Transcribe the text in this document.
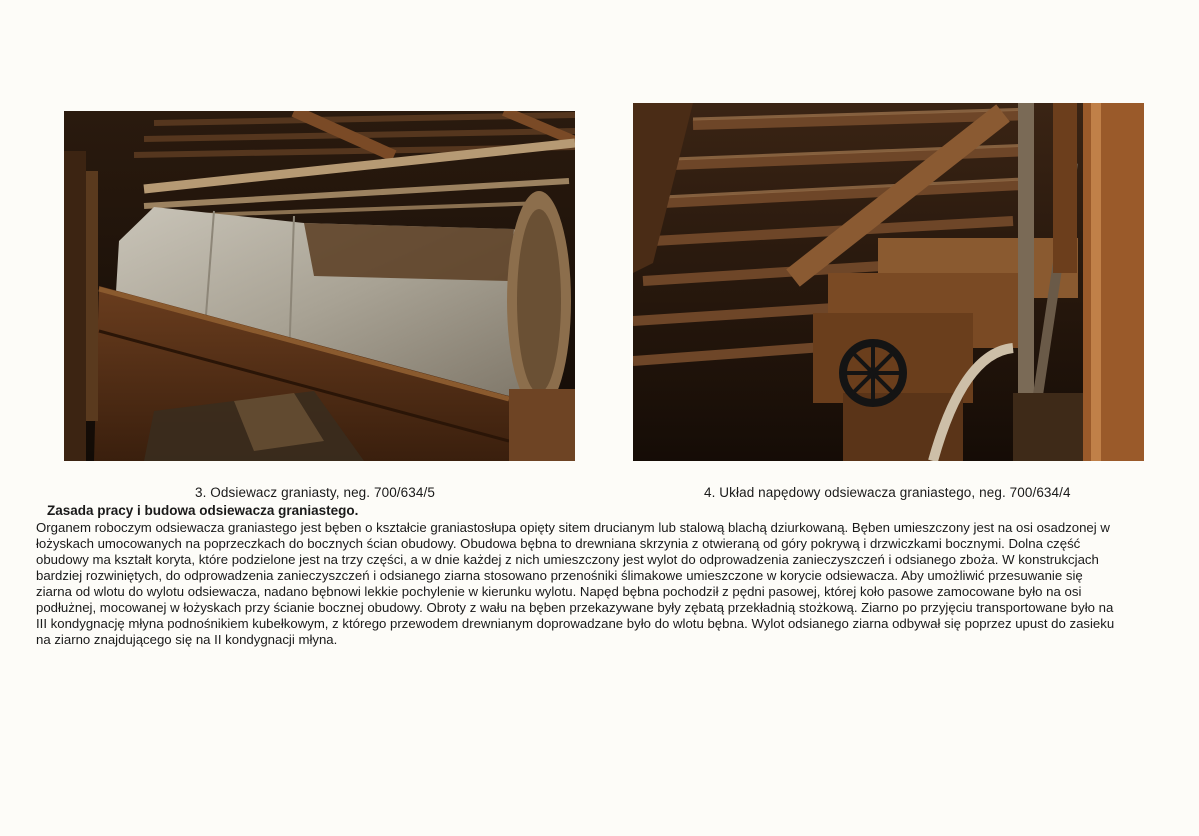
3. Odsiewacz graniasty, neg. 700/634/5	4. Układ napędowy odsiewacza graniastego, neg. 700/634/4
Zasada pracy i budowa odsiewacza graniastego.
Organem roboczym odsiewacza graniastego jest bęben o kształcie graniastosłupa opięty sitem drucianym lub stalową blachą dziurkowaną. Bęben umieszczony jest na osi osadzonej w
łożyskach umocowanych na poprzeczkach do bocznych ścian obudowy. Obudowa bębna to drewniana skrzynia z otwieraną od góry pokrywą i drzwiczkami bocznymi. Dolna część
obudowy ma kształt koryta, które podzielone jest na trzy części, a w dnie każdej z nich umieszczony jest wylot do odprowadzenia zanieczyszczeń i odsianego zboża. W konstrukcjach
bardziej rozwiniętych, do odprowadzenia zanieczyszczeń i odsianego ziarna stosowano przenośniki ślimakowe umieszczone w korycie odsiewacza. Aby umożliwić przesuwanie się
ziarna od wlotu do wylotu odsiewacza, nadano bębnowi lekkie pochylenie w kierunku wylotu. Napęd bębna pochodził z pędni pasowej, której koło pasowe zamocowane było na osi
podłużnej, mocowanej w łożyskach przy ścianie bocznej obudowy. Obroty z wału na bęben przekazywane były zębatą przekładnią stożkową. Ziarno po przyjęciu transportowane było na
III kondygnację młyna podnośnikiem kubełkowym, z którego przewodem drewnianym doprowadzane było do wlotu bębna. Wylot odsianego ziarna odbywał się poprzez upust do zasieku
na ziarno znajdującego się na II kondygnacji młyna.
